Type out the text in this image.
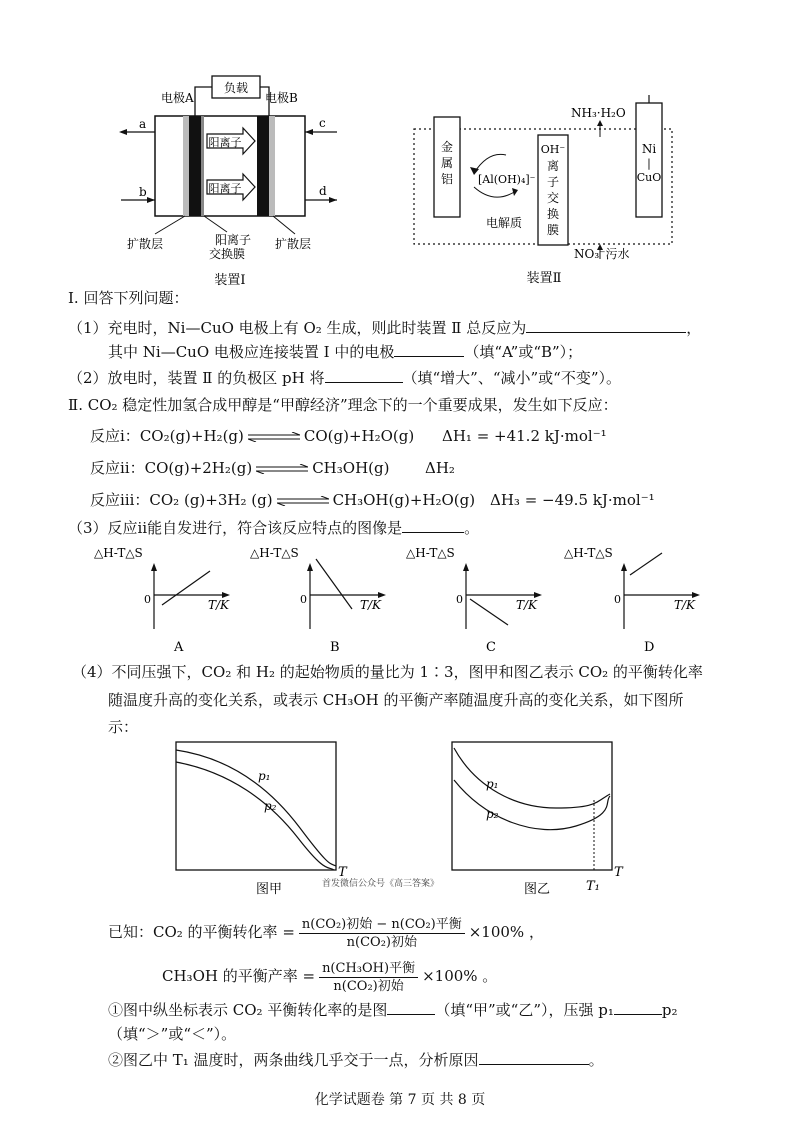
负载
电极A	电极B
阳离子
阳离子
a
b
c
d
扩散层	阳离子
交换膜
扩散层
装置Ⅰ
NH₃·H₂O
金
属
铝 [Al(OH)₄]⁻
电解质
OH⁻
离
子
交
换
膜
Ni
|
CuO
NO₃⁻污水
装置Ⅱ
Ⅰ. 回答下列问题：
（1）充电时，Ni—CuO 电极上有 O₂ 生成，则此时装置 Ⅱ 总反应为	，
其中 Ni—CuO 电极应连接装置 Ⅰ 中的电极	（填“A”或“B”）；
（2）放电时，装置 Ⅱ 的负极区 pH 将	（填“增大”、“减小”或“不变”）。
Ⅱ. CO₂ 稳定性加氢合成甲醇是“甲醇经济”理念下的一个重要成果，发生如下反应：
反应ⅰ：CO₂(g)+H₂(g)	CO(g)+H₂O(g) ΔH₁ = +41.2 kJ·mol⁻¹
反应ⅱ：CO(g)+2H₂(g)	CH₃OH(g) ΔH₂
反应ⅲ：CO₂ (g)+3H₂ (g)	CH₃OH(g)+H₂O(g) ΔH₃ = −49.5 kJ·mol⁻¹
（3）反应ⅱ能自发进行，符合该反应特点的图像是	。
△H-T△S
0	T/K
A
△H-T△S
0	T/K
B
△H-T△S
0	T/K
C
△H-T△S
0	T/K
D
（4）不同压强下，CO₂ 和 H₂ 的起始物质的量比为 1∶3，图甲和图乙表示 CO₂ 的平衡转化率
随温度升高的变化关系，或表示 CH₃OH 的平衡产率随温度升高的变化关系，如下图所
示：
p₁
p₂
T
图甲
p₁
p₂
T
图乙	T₁
首发微信公众号《高三答案》
已知：CO₂ 的平衡转化率 = $\frac{\text{n(CO₂)初始 − n(CO₂)平衡}}{\text{n(CO₂)初始}} \times 100\%$ ，
CH₃OH 的平衡产率 = $\frac{\text{n(CH₃OH)平衡}}{\text{n(CO₂)初始}} \times 100\%$ 。
①图中纵坐标表示 CO₂ 平衡转化率的是图	（填“甲”或“乙”），压强 p₁	p₂
（填“＞”或“＜”）。
②图乙中 T₁ 温度时，两条曲线几乎交于一点，分析原因	。
化学试题卷 第 7 页 共 8 页
